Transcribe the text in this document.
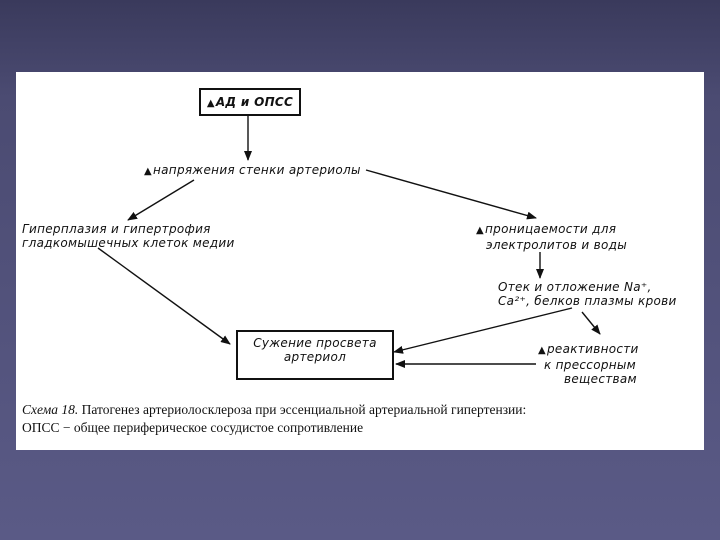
▲АД и ОПСС
▲напряжения стенки артериолы
Гиперплазия и гипертрофия
гладкомышечных клеток медии
▲проницаемости для
электролитов и воды
Отек и отложение Na⁺,
Ca²⁺, белков плазмы крови
Сужение просвета
артериол	▲реактивности
к прессорным
веществам
Схема 18. Патогенез артериолосклероза при эссенциальной артериальной гипертензии:
ОПСС − общее периферическое сосудистое сопротивление
